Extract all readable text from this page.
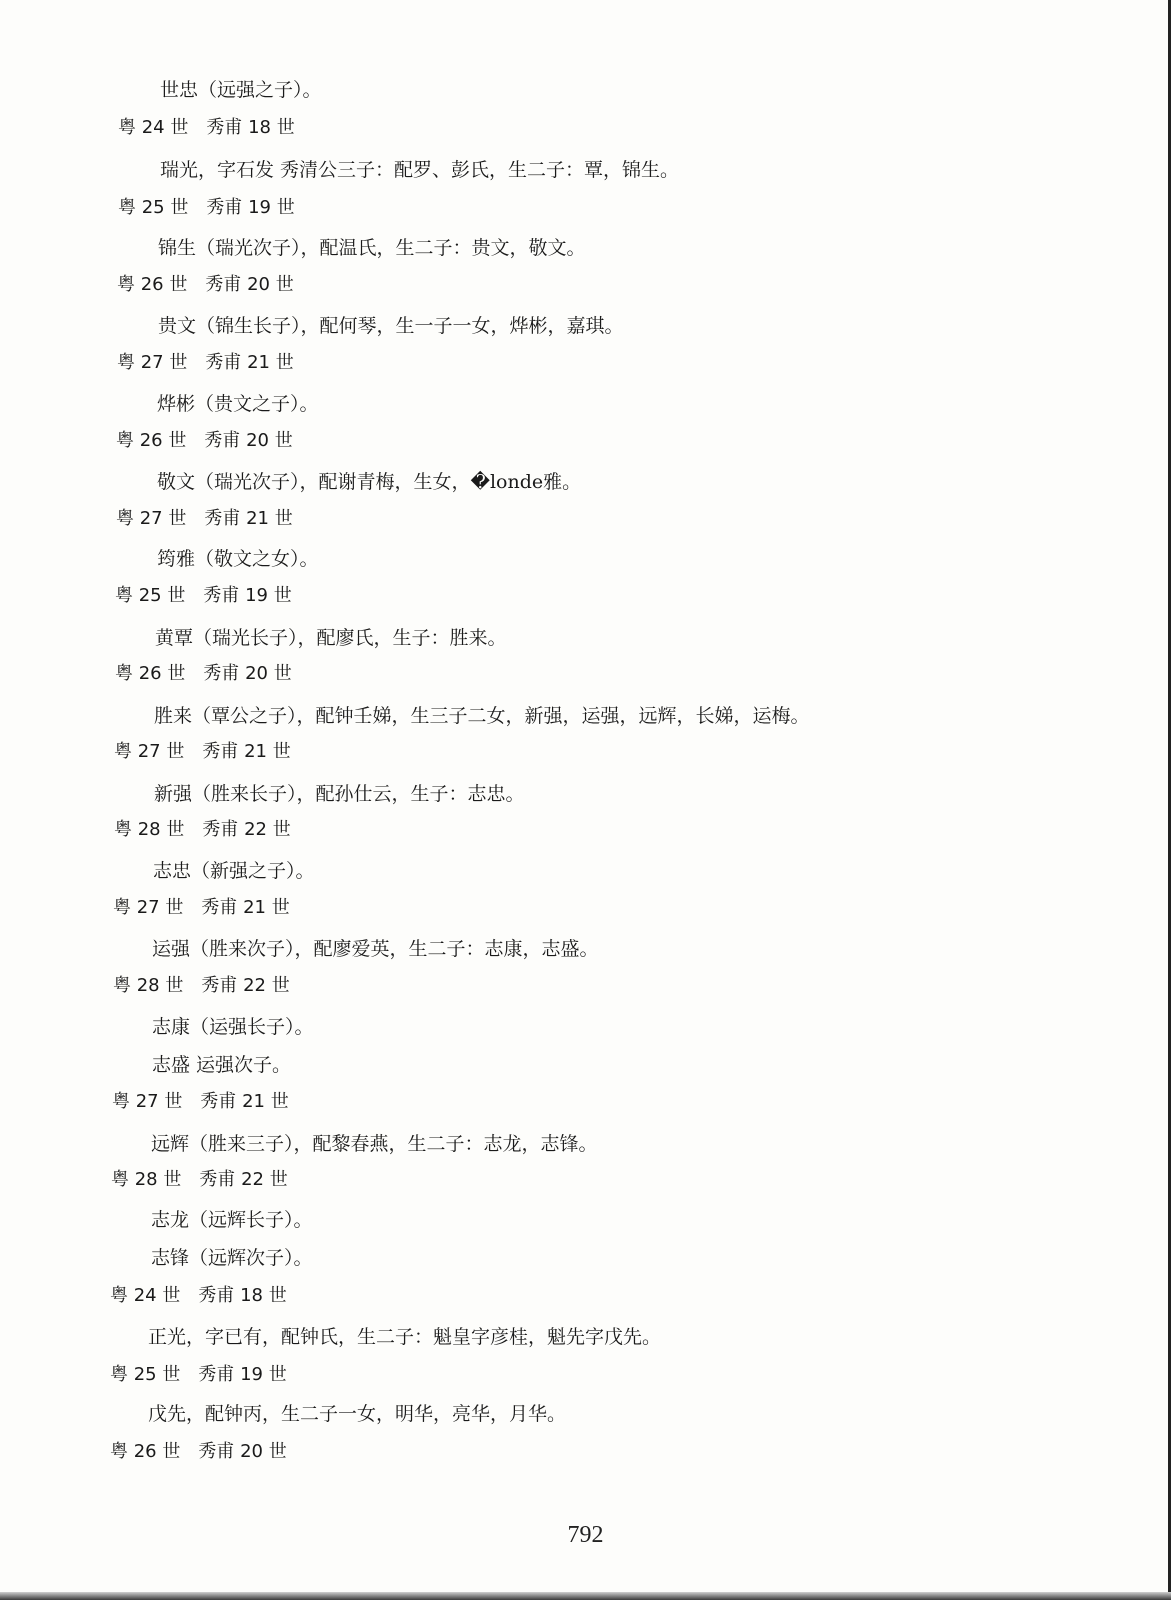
世忠（远强之子）。
粤 24 世　秀甫 18 世
瑞光，字石发 秀清公三子：配罗、彭氏，生二子：覃，锦生。
粤 25 世　秀甫 19 世
锦生（瑞光次子），配温氏，生二子：贵文，敬文。
粤 26 世　秀甫 20 世
贵文（锦生长子），配何琴，生一子一女，烨彬，嘉琪。
粤 27 世　秀甫 21 世
烨彬（贵文之子）。
粤 26 世　秀甫 20 世
敬文（瑞光次子），配谢青梅，生女，�londe雅。
粤 27 世　秀甫 21 世
筠雅（敬文之女）。
粤 25 世　秀甫 19 世
黄覃（瑞光长子），配廖氏，生子：胜来。
粤 26 世　秀甫 20 世
胜来（覃公之子），配钟壬娣，生三子二女，新强，运强，远辉，长娣，运梅。
粤 27 世　秀甫 21 世
新强（胜来长子），配孙仕云，生子：志忠。
粤 28 世　秀甫 22 世
志忠（新强之子）。
粤 27 世　秀甫 21 世
运强（胜来次子），配廖爱英，生二子：志康，志盛。
粤 28 世　秀甫 22 世
志康（运强长子）。
志盛 运强次子。
粤 27 世　秀甫 21 世
远辉（胜来三子），配黎春燕，生二子：志龙，志锋。
粤 28 世　秀甫 22 世
志龙（远辉长子）。
志锋（远辉次子）。
粤 24 世　秀甫 18 世
正光，字已有，配钟氏，生二子：魁皇字彦桂，魁先字戊先。
粤 25 世　秀甫 19 世
戊先，配钟丙，生二子一女，明华，亮华，月华。
粤 26 世　秀甫 20 世
792
